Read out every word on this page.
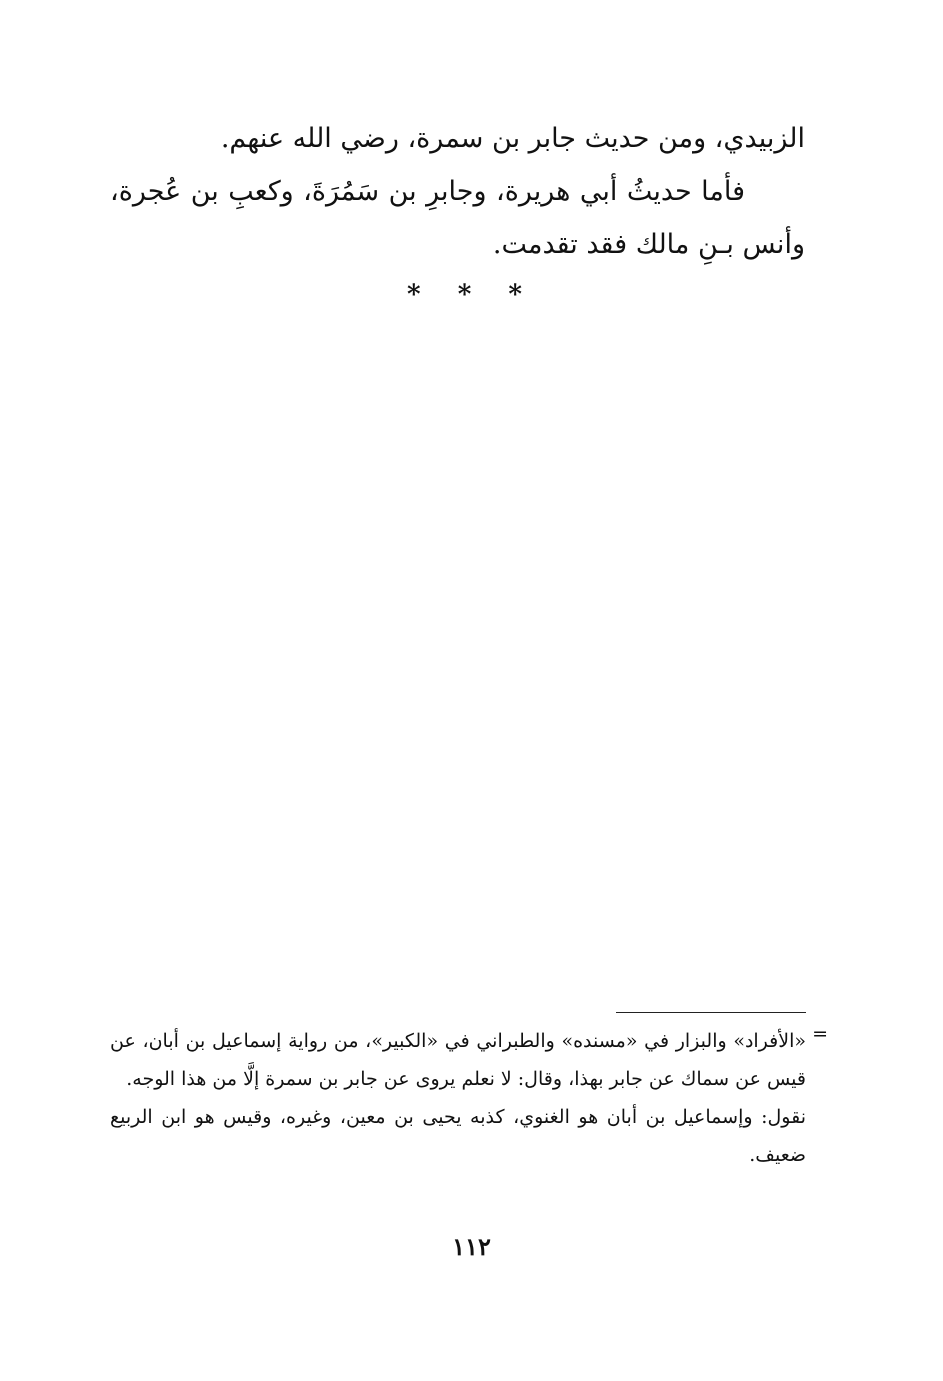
الزبيدي، ومن حديث جابر بن سمرة، رضي الله عنهم.

فأما حديثُ أبي هريرة، وجابرِ بن سَمُرَةَ، وكعبِ بن عُجرة، وأنس بـنِ مالك فقد تقدمت.

* * *
=

«الأفراد» والبزار في «مسنده» والطبراني في «الكبير»، من رواية إسماعيل بن أبان، عن قيس عن سماك عن جابر بهذا، وقال: لا نعلم يروى عن جابر بن سمرة إلَّا من هذا الوجه.

نقول: وإسماعيل بن أبان هو الغنوي، كذبه يحيى بن معين، وغيره، وقيس هو ابن الربيع ضعيف.

١١٢
